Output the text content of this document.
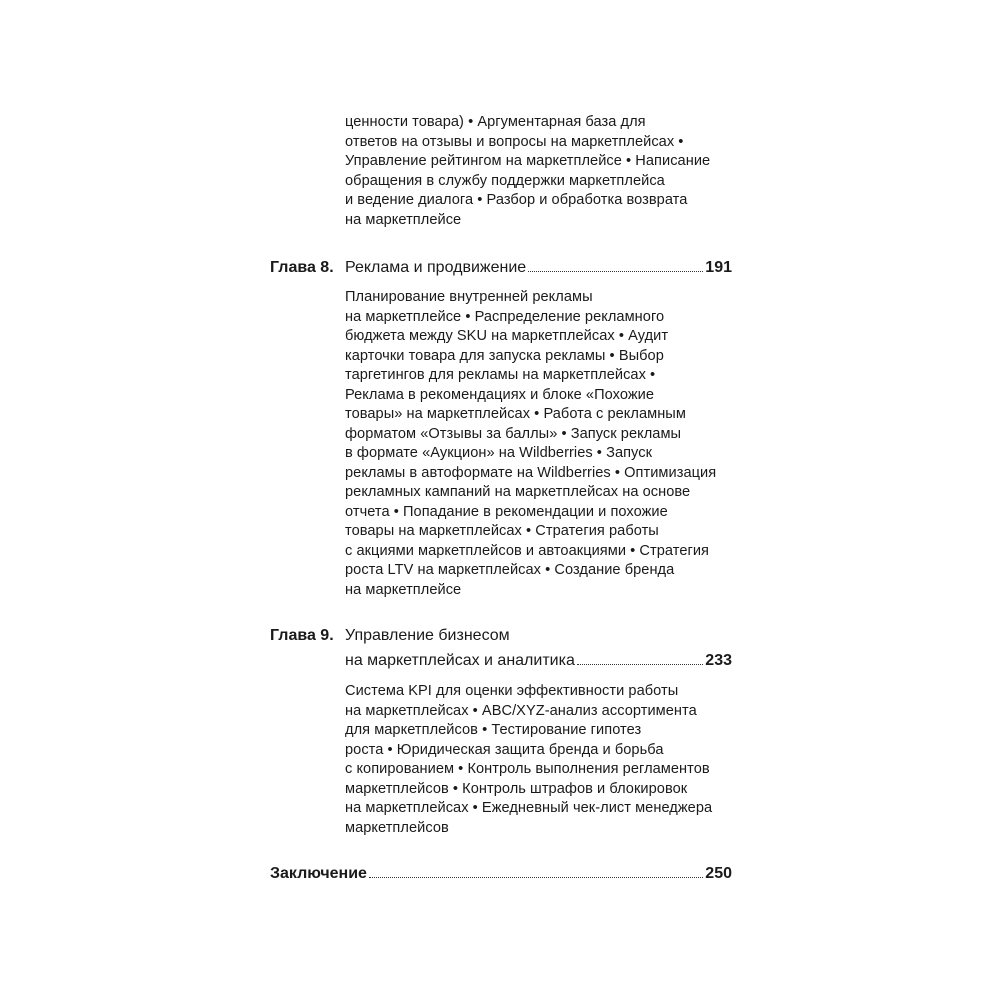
ценности товара) • Аргументарная база для
ответов на отзывы и вопросы на маркетплейсах •
Управление рейтингом на маркетплейсе • Написание
обращения в службу поддержки маркетплейса
и ведение диалога • Разбор и обработка возврата
на маркетплейсе
Глава 8. Реклама и продвижение	191
Планирование внутренней рекламы
на маркетплейсе • Распределение рекламного
бюджета между SKU на маркетплейсах • Аудит
карточки товара для запуска рекламы • Выбор
таргетингов для рекламы на маркетплейсах •
Реклама в рекомендациях и блоке «Похожие
товары» на маркетплейсах • Работа с рекламным
форматом «Отзывы за баллы» • Запуск рекламы
в формате «Аукцион» на Wildberries • Запуск
рекламы в автоформате на Wildberries • Оптимизация
рекламных кампаний на маркетплейсах на основе
отчета • Попадание в рекомендации и похожие
товары на маркетплейсах • Стратегия работы
с акциями маркетплейсов и автоакциями • Стратегия
роста LTV на маркетплейсах • Создание бренда
на маркетплейсе
Глава 9. Управление бизнесом
на маркетплейсах и аналитика	233
Система KPI для оценки эффективности работы
на маркетплейсах • ABC/XYZ-анализ ассортимента
для маркетплейсов • Тестирование гипотез
роста • Юридическая защита бренда и борьба
с копированием • Контроль выполнения регламентов
маркетплейсов • Контроль штрафов и блокировок
на маркетплейсах • Ежедневный чек-лист менеджера
маркетплейсов
Заключение	250
